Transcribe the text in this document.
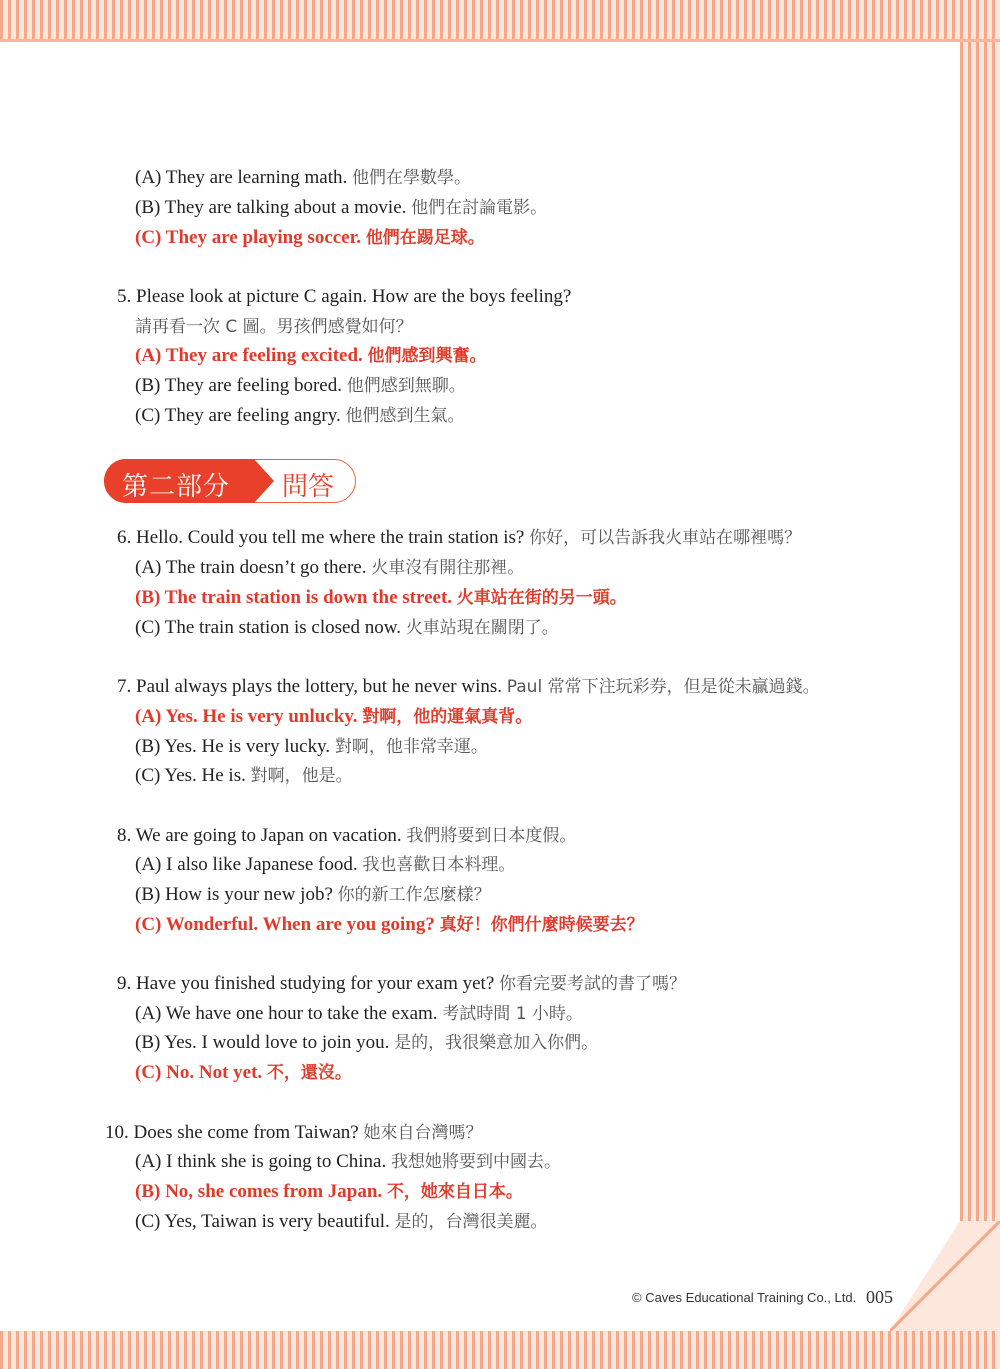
(A) They are learning math. 他們在學數學。
(B) They are talking about a movie. 他們在討論電影。
(C) They are playing soccer. 他們在踢足球。
5. Please look at picture C again. How are the boys feeling?
請再看一次 C 圖。男孩們感覺如何？
(A) They are feeling excited. 他們感到興奮。
(B) They are feeling bored. 他們感到無聊。
(C) They are feeling angry. 他們感到生氣。
第二部分 問答
6. Hello. Could you tell me where the train station is? 你好，可以告訴我火車站在哪裡嗎？
(A) The train doesn’t go there. 火車沒有開往那裡。
(B) The train station is down the street. 火車站在街的另一頭。
(C) The train station is closed now. 火車站現在關閉了。
7. Paul always plays the lottery, but he never wins. Paul 常常下注玩彩券，但是從未贏過錢。
(A) Yes. He is very unlucky. 對啊，他的運氣真背。
(B) Yes. He is very lucky. 對啊，他非常幸運。
(C) Yes. He is. 對啊，他是。
8. We are going to Japan on vacation. 我們將要到日本度假。
(A) I also like Japanese food. 我也喜歡日本料理。
(B) How is your new job? 你的新工作怎麼樣？
(C) Wonderful. When are you going? 真好！你們什麼時候要去？
9. Have you finished studying for your exam yet? 你看完要考試的書了嗎？
(A) We have one hour to take the exam. 考試時間 1 小時。
(B) Yes. I would love to join you. 是的，我很樂意加入你們。
(C) No. Not yet. 不，還沒。
10. Does she come from Taiwan? 她來自台灣嗎？
(A) I think she is going to China. 我想她將要到中國去。
(B) No, she comes from Japan. 不，她來自日本。
(C) Yes, Taiwan is very beautiful. 是的，台灣很美麗。
© Caves Educational Training Co., Ltd. 005
